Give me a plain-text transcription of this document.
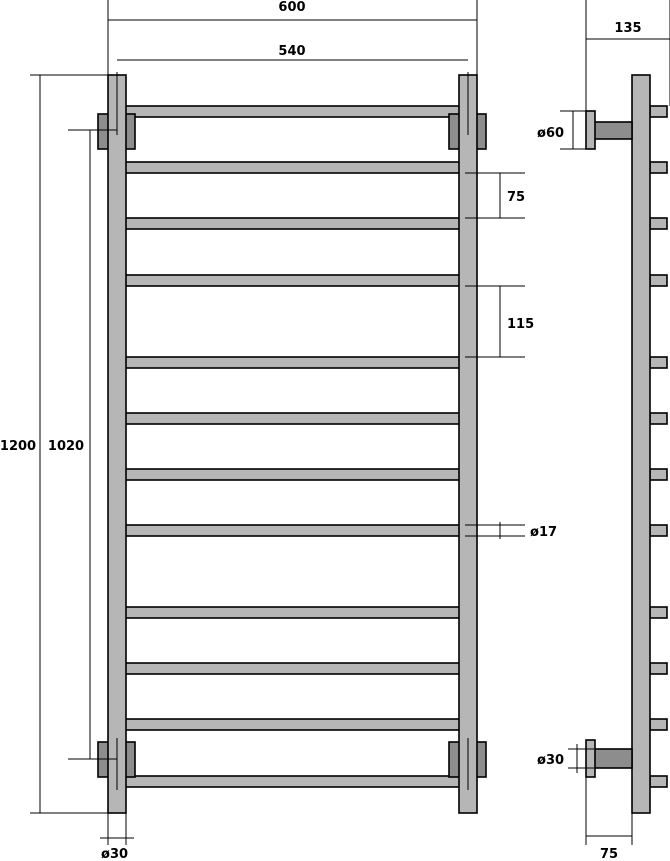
600
540
1200 1020
75
115
ø17
ø30
135
ø60
ø30
75
